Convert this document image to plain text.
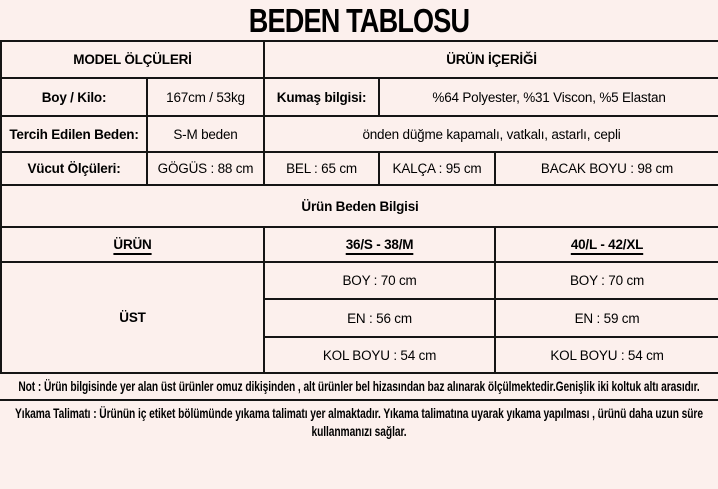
BEDEN TABLOSU
MODEL ÖLÇÜLERİ		ÜRÜN İÇERİĞİ		
Boy / Kilo:	167cm / 53kg	Kumaş bilgisi:	%64 Polyester, %31 Viscon, %5 Elastan	
Tercih Edilen Beden:	S-M beden	önden düğme kapamalı, vatkalı, astarlı, cepli		
Vücut Ölçüleri:	GÖGÜS : 88 cm	BEL : 65 cm	KALÇA : 95 cm	BACAK BOYU : 98 cm
Ürün Beden Bilgisi				
ÜRÜN		36/S - 38/M		40/L - 42/XL
ÜST		BOY : 70 cm		BOY : 70 cm
		EN : 56 cm		EN : 59 cm
		KOL BOYU : 54 cm		KOL BOYU : 54 cm
Not : Ürün bilgisinde yer alan üst ürünler omuz dikişinden , alt ürünler bel hizasından baz alınarak ölçülmektedir.Genişlik iki koltuk altı arasıdır.
Yıkama Talimatı : Ürünün iç etiket bölümünde yıkama talimatı yer almaktadır. Yıkama talimatına uyarak yıkama yapılması , ürünü daha uzun süre kullanmanızı sağlar.
